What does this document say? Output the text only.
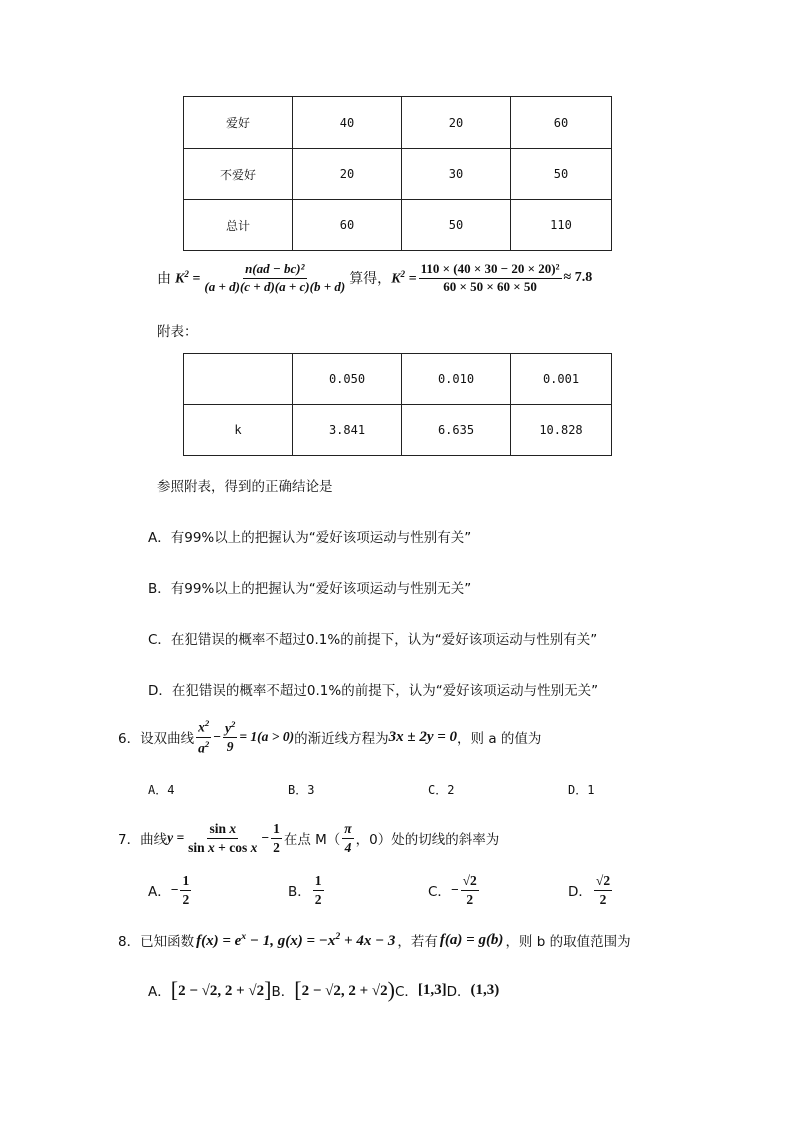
爱好	40	20	60
不爱好	20	30	50
总计	60	50	110
由 $K^2 = \frac{\text{n(ad − bc)²}}{(a + d)(c + d)(a + c)(b + d)}$ 算得， $K^2 = \frac{\text{110 × (40 × 30 − 20 × 20)²}}{60 \times 50 \times 60 \times 50} \approx 7.8$
附表：
	0.050	0.010	0.001
k	3.841	6.635	10.828
参照附表，得到的正确结论是
A．有99%以上的把握认为“爱好该项运动与性别有关”
B．有99%以上的把握认为“爱好该项运动与性别无关”
C．在犯错误的概率不超过0.1%的前提下，认为“爱好该项运动与性别有关”
D．在犯错误的概率不超过0.1%的前提下，认为“爱好该项运动与性别无关”
6．设双曲线 $\frac{x^2}{a^2} - \frac{y^2}{9} = 1(a > 0)$ 的渐近线方程为 3x ± 2y = 0 ，则 a 的值为
A．4	B．3	C．2	D．1
7．曲线 $y = \frac{\text{sin x}}{\text{sin x + cos x}} - \frac{1}{2}$ 在点 $M( \frac{\pi}{4}$ ，0）处的切线的斜率为
A． − $\frac{1}{2}$	B． $\frac{1}{2}$	C． − $\frac{√2}{2}$	D． $\frac{√2}{2}$
8．已知函数 $f(x) = e^x - 1$, $g(x) = -x^2 + 4x - 3$ ，若有 f(a) = g(b) ，则 b 的取值范围为
A． [2 − √2, 2 + √2] B． [2 − √2, 2 + √2) C． [1,3] D． (1,3)
